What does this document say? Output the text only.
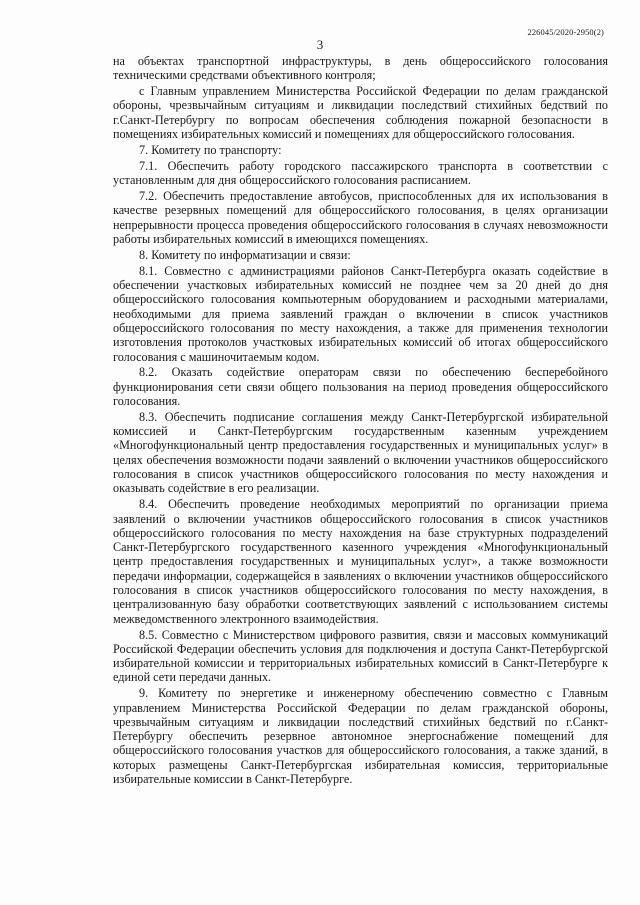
226045/2020-2950(2)
3

на объектах транспортной инфраструктуры, в день общероссийского голосования техническими средствами объективного контроля;

с Главным управлением Министерства Российской Федерации по делам гражданской обороны, чрезвычайным ситуациям и ликвидации последствий стихийных бедствий по г.Санкт-Петербургу по вопросам обеспечения соблюдения пожарной безопасности в помещениях избирательных комиссий и помещениях для общероссийского голосования.

7. Комитету по транспорту:

7.1. Обеспечить работу городского пассажирского транспорта в соответствии с установленным для дня общероссийского голосования расписанием.

7.2. Обеспечить предоставление автобусов, приспособленных для их использования в качестве резервных помещений для общероссийского голосования, в целях организации непрерывности процесса проведения общероссийского голосования в случаях невозможности работы избирательных комиссий в имеющихся помещениях.

8. Комитету по информатизации и связи:

8.1. Совместно с администрациями районов Санкт-Петербурга оказать содействие в обеспечении участковых избирательных комиссий не позднее чем за 20 дней до дня общероссийского голосования компьютерным оборудованием и расходными материалами, необходимыми для приема заявлений граждан о включении в список участников общероссийского голосования по месту нахождения, а также для применения технологии изготовления протоколов участковых избирательных комиссий об итогах общероссийского голосования с машиночитаемым кодом.

8.2. Оказать содействие операторам связи по обеспечению бесперебойного функционирования сети связи общего пользования на период проведения общероссийского голосования.

8.3. Обеспечить подписание соглашения между Санкт-Петербургской избирательной комиссией и Санкт-Петербургским государственным казенным учреждением «Многофункциональный центр предоставления государственных и муниципальных услуг» в целях обеспечения возможности подачи заявлений о включении участников общероссийского голосования в список участников общероссийского голосования по месту нахождения и оказывать содействие в его реализации.

8.4. Обеспечить проведение необходимых мероприятий по организации приема заявлений о включении участников общероссийского голосования в список участников общероссийского голосования по месту нахождения на базе структурных подразделений Санкт-Петербургского государственного казенного учреждения «Многофункциональный центр предоставления государственных и муниципальных услуг», а также возможности передачи информации, содержащейся в заявлениях о включении участников общероссийского голосования в список участников общероссийского голосования по месту нахождения, в централизованную базу обработки соответствующих заявлений с использованием системы межведомственного электронного взаимодействия.

8.5. Совместно с Министерством цифрового развития, связи и массовых коммуникаций Российской Федерации обеспечить условия для подключения и доступа Санкт-Петербургской избирательной комиссии и территориальных избирательных комиссий в Санкт-Петербурге к единой сети передачи данных.

9. Комитету по энергетике и инженерному обеспечению совместно с Главным управлением Министерства Российской Федерации по делам гражданской обороны, чрезвычайным ситуациям и ликвидации последствий стихийных бедствий по г.Санкт-Петербургу обеспечить резервное автономное энергоснабжение помещений для общероссийского голосования участков для общероссийского голосования, а также зданий, в которых размещены Санкт-Петербургская избирательная комиссия, территориальные избирательные комиссии в Санкт-Петербурге.
